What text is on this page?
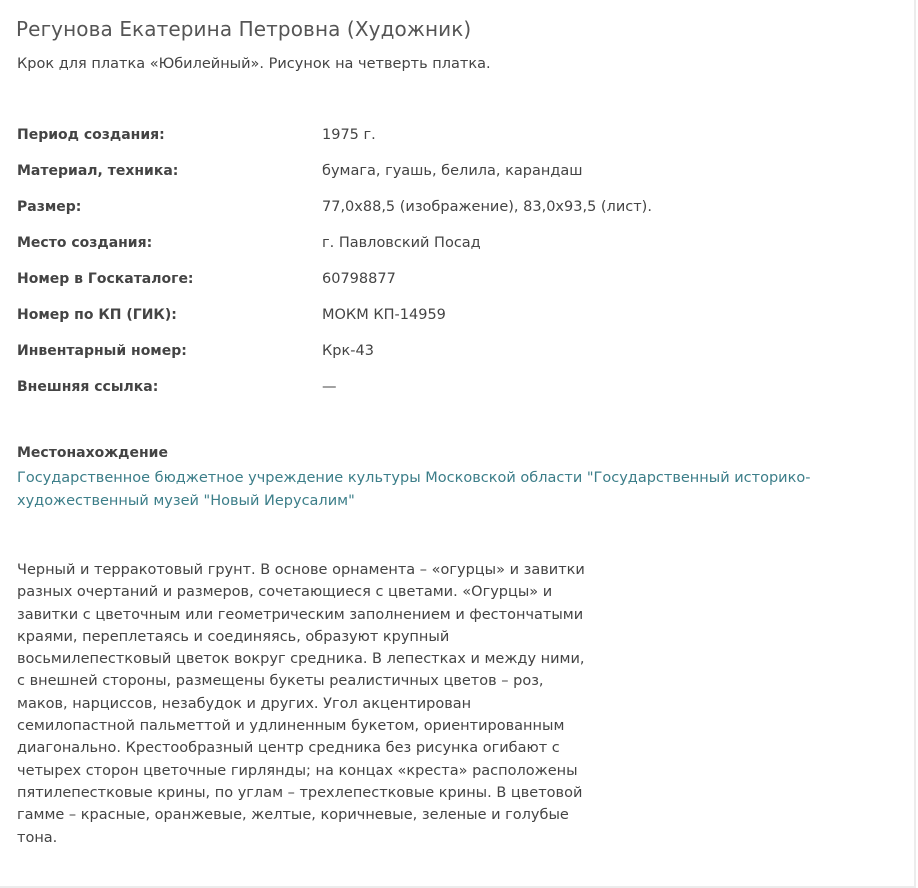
Регунова Екатерина Петровна (Художник)

Крок для платка «Юбилейный». Рисунок на четверть платка.

Период создания:	1975 г.
Материал, техника:	бумага, гуашь, белила, карандаш
Размер:	77,0х88,5 (изображение), 83,0х93,5 (лист).
Место создания:	г. Павловский Посад
Номер в Госкаталоге:	60798877
Номер по КП (ГИК):	МОКМ КП-14959
Инвентарный номер:	Крк-43
Внешняя ссылка:	—

Местонахождение

Государственное бюджетное учреждение культуры Московской области "Государственный историко-художественный музей "Новый Иерусалим"

Черный и терракотовый грунт. В основе орнамента – «огурцы» и завитки разных очертаний и размеров, сочетающиеся с цветами. «Огурцы» и завитки с цветочным или геометрическим заполнением и фестончатыми краями, переплетаясь и соединяясь, образуют крупный восьмилепестковый цветок вокруг средника. В лепестках и между ними, с внешней стороны, размещены букеты реалистичных цветов – роз, маков, нарциссов, незабудок и других. Угол акцентирован семилопастной пальметтой и удлиненным букетом, ориентированным диагонально. Крестообразный центр средника без рисунка огибают с четырех сторон цветочные гирлянды; на концах «креста» расположены пятилепестковые крины, по углам – трехлепестковые крины. В цветовой гамме – красные, оранжевые, желтые, коричневые, зеленые и голубые тона.
